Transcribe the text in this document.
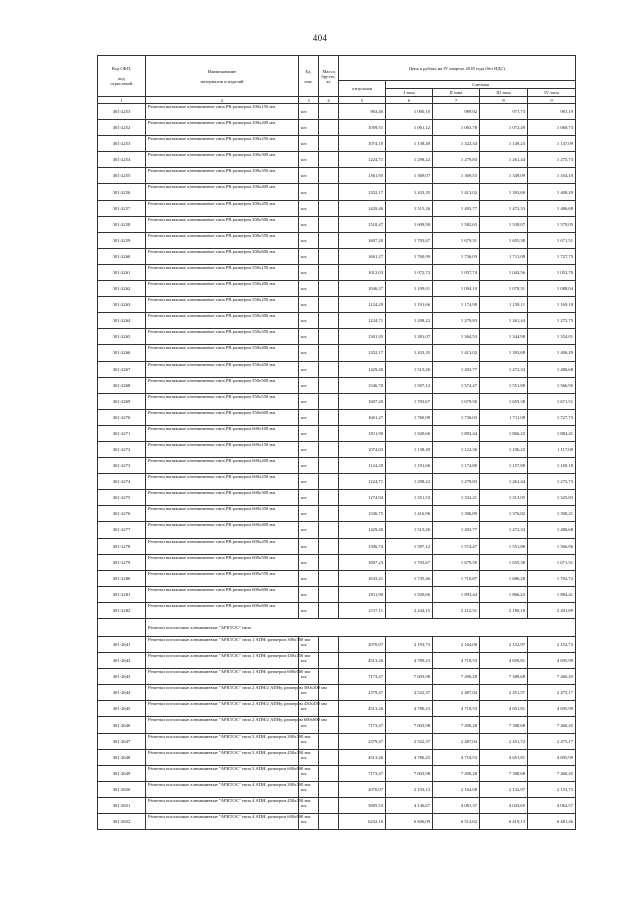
404
Код ОКП,

код
отраслевой	Наименование

материалов и изделий	Ед.

изм.	Масса
брутто,
кг	Цена в рублях на IV квартал 2018 года (без НДС)				
				отпускная	Сметная			
					I зона	II зона	III зона	IV зона
1	2	3	4	5	6	7	8	9
301-2253	Решетки вытяжные алюминиевые типа РВ размером 300х150 мм	шт.		963,46	1 000,10	989,92	971,73	981,19
301-2252	Решетки вытяжные алюминиевые типа РВ размером 300х200 мм	шт.		1059,51	1 061,12	1 063,78	1 072,49	1 060,73
301-2253	Решетки вытяжные алюминиевые типа РВ размером 300х250 мм	шт.		1074,10	1 138,49	1 322,34	1 149,23	1 147,09
301-2254	Решетки вытяжные алюминиевые типа РВ размером 300х300 мм	шт.		1224,71	1 298,22	1 279,83	1 261,44	1 275,73
301-2255	Решетки вытяжные алюминиевые типа РВ размером 300х350 мм	шт.		1361,95	1 369,07	1 369,53	1 349,09	1 354,10
301-2256	Решетки вытяжные алюминиевые типа РВ размером 300х400 мм	шт.		1352,17	1 433,35	1 413,02	1 392,68	1 408,29
301-2257	Решетки вытяжные алюминиевые типа РВ размером 300х450 мм	шт.		1429,46	1 515,26	1 493,77	1 472,33	1 486,68
301-2258	Решетки вытяжные алюминиевые типа РВ размером 300х500 мм	шт.		1518,47	1 609,58	1 582,63	1 539,07	1 579,05
301-2259	Решетки вытяжные алюминиевые типа РВ размером 300х550 мм	шт.		1607,20	1 703,67	1 679,31	1 655,38	1 671,51
301-2260	Решетки вытяжные алюминиевые типа РВ размером 300х600 мм	шт.		1661,27	1 760,99	1 736,03	1 711,08	1 727,73
301-2261	Решетки вытяжные алюминиевые типа РВ размером 550х150 мм	шт.		1012,03	1 072,72	1 057,74	1 042,56	1 052,70
301-2262	Решетки вытяжные алюминиевые типа РВ размером 550х200 мм	шт.		1046,37	1 109,01	1 094,10	1 078,31	1 088,04
301-2263	Решетки вытяжные алюминиевые типа РВ размером 550х250 мм	шт.		1124,29	1 191,66	1 174,90	1 158,11	1 169,18
301-2264	Решетки вытяжные алюминиевые типа РВ размером 550х300 мм	шт.		1224,71	1 298,22	1 279,83	1 261,44	1 275,73
301-2265	Решетки вытяжные алюминиевые типа РВ размером 550х350 мм	шт.		1301,95	1 381,07	1 364,53	1 344,98	1 354,01
301-2266	Решетки вытяжные алюминиевые типа РВ размером 550х400 мм	шт.		1352,17	1 433,35	1 413,02	1 392,68	1 406,29
301-2267	Решетки вытяжные алюминиевые типа РВ размером 550х450 мм	шт.		1429,46	1 515,26	1 493,77	1 472,33	1 486,68
301-2268	Решетки вытяжные алюминиевые типа РВ размером 550х500 мм	шт.		1546,70	1 507,12	1 574,47	1 551,88	1 566,95
301-2269	Решетки вытяжные алюминиевые типа РВ размером 550х550 мм	шт.		1607,20	1 703,67	1 679,50	1 655,38	1 671,51
301-2270	Решетки вытяжные алюминиевые типа РВ размером 550х600 мм	шт.		1661,27	1 760,99	1 736,03	1 711,08	1 727,73
301-2271	Решетки вытяжные алюминиевые типа РВ размером 600х100 мм	шт.		1811,90	1 920,66	1 893,44	1 866,23	1 884,41
301-2272	Решетки вытяжные алюминиевые типа РВ размером 600х150 мм	шт.		1074,03	1 138,49	1 122,36	1 106,23	1 117,00
301-2273	Решетки вытяжные алюминиевые типа РВ размером 600х200 мм	шт.		1124,20	1 191,66	1 174,80	1 157,88	1 169,18
301-2274	Решетки вытяжные алюминиевые типа РВ размером 600х250 мм	шт.		1224,71	1 298,22	1 279,83	1 261,44	1 273,73
301-2275	Решетки вытяжные алюминиевые типа РВ размером 600х300 мм	шт.		1274,94	1 351,53	1 332,21	1 313,05	1 325,83
301-2276	Решетки вытяжные алюминиевые типа РВ размером 600х350 мм	шт.		1336,75	1 416,96	1 396,89	1 376,82	1 390,21
301-2277	Решетки вытяжные алюминиевые типа РВ размером 600х400 мм	шт.		1429,46	1 515,26	1 493,77	1 472,33	1 486,68
301-2278	Решетки вытяжные алюминиевые типа РВ размером 600х450 мм	шт.		1506,74	1 597,12	1 574,47	1 551,88	1 566,96
301-2279	Решетки вытяжные алюминиевые типа РВ размером 600х500 мм	шт.		1607,23	1 703,67	1 679,50	1 655,38	1 671,51
301-2280	Решетки вытяжные алюминиевые типа РВ размером 600х550 мм	шт.		1633,21	1 735,46	1 710,87	1 686,28	1 702,72
301-2281	Решетки вытяжные алюминиевые типа РВ размером 600х600 мм	шт.		1811,90	1 920,66	1 893,44	1 866,23	1 884,41
301-2282	Решетки вытяжные алюминиевые типа РВ размером 600х600 мм	шт.		2117,11	2 244,15	2 212,51	2 180,18	2 201,89
	Решетки потолочные алюминиевые "АРКТОС" типа							
301-2641	Решетки потолочные алюминиевые "АРКТОС" типа 1 АПН, размером 300х300 мм	шт.		2070,07	2 193,73	2 164,08	2 132,97	2 152,73
301-2642	Решетки потолочные алюминиевые "АРКТОС" типа 1 АПН, размером 450х450 мм	шт.		4513,26	4 789,23	4 718,53	4 650,81	4 695,99
301-2643	Решетки потолочные алюминиевые "АРКТОС" типа 1 АПН, размером 600х600 мм	шт.		7173,47	7 603,98	7 496,28	7 388,68	7 460,45
301-2644	Решетки потолочные алюминиевые "АРКТОС" типа 2 АПН/2 АПНу, размером 300х300 мм	шт.		2379,47	2 522,37	2 487,04	2 451,57	2 475,17
301-2645	Решетки потолочные алюминиевые "АРКТОС" типа 2 АПН/2 АПНу, размером 450х450 мм	шт.		4513,26	4 786,23	4 718,53	4 651,81	4 695,99
301-2646	Решетки потолочные алюминиевые "АРКТОС" типа 2 АПН/2 АПНу, размером 600х600 мм	шт.		7173,47	7 603,98	7 496,28	7 388,68	7 460,45
301-2647	Решетки потолочные алюминиевые "АРКТОС" типа 3 АПН, размером 300х300 мм	шт.		2379,47	2 522,37	2 487,04	2 451,72	2 475,17
301-2648	Решетки потолочные алюминиевые "АРКТОС" типа 3 АПН, размером 450х450 мм	шт.		4513,26	4 786,25	4 718,53	4 651,81	4 695,99
301-2649	Решетки потолочные алюминиевые "АРКТОС" типа 3 АПН, размером 600х600 мм	шт.		7173,47	7 603,98	7 496,28	7 388,68	7 460,45
301-2650	Решетки потолочные алюминиевые "АРКТОС" типа 4 АПН, размером 300х300 мм	шт.		2070,07	2 193,13	2 164,08	2 132,97	2 153,73
301-2651	Решетки потолочные алюминиевые "АРКТОС" типа 4 АПН, размером 450х450 мм	шт.		3905,53	4 140,67	4 081,37	4 043,65	4 062,57
301-2652	Решетки потолочные алюминиевые "АРКТОС" типа 4 АПН, размером 600х600 мм	шт.		6232,16	6 606,09	6 512,62	6 419,13	6 481,46
